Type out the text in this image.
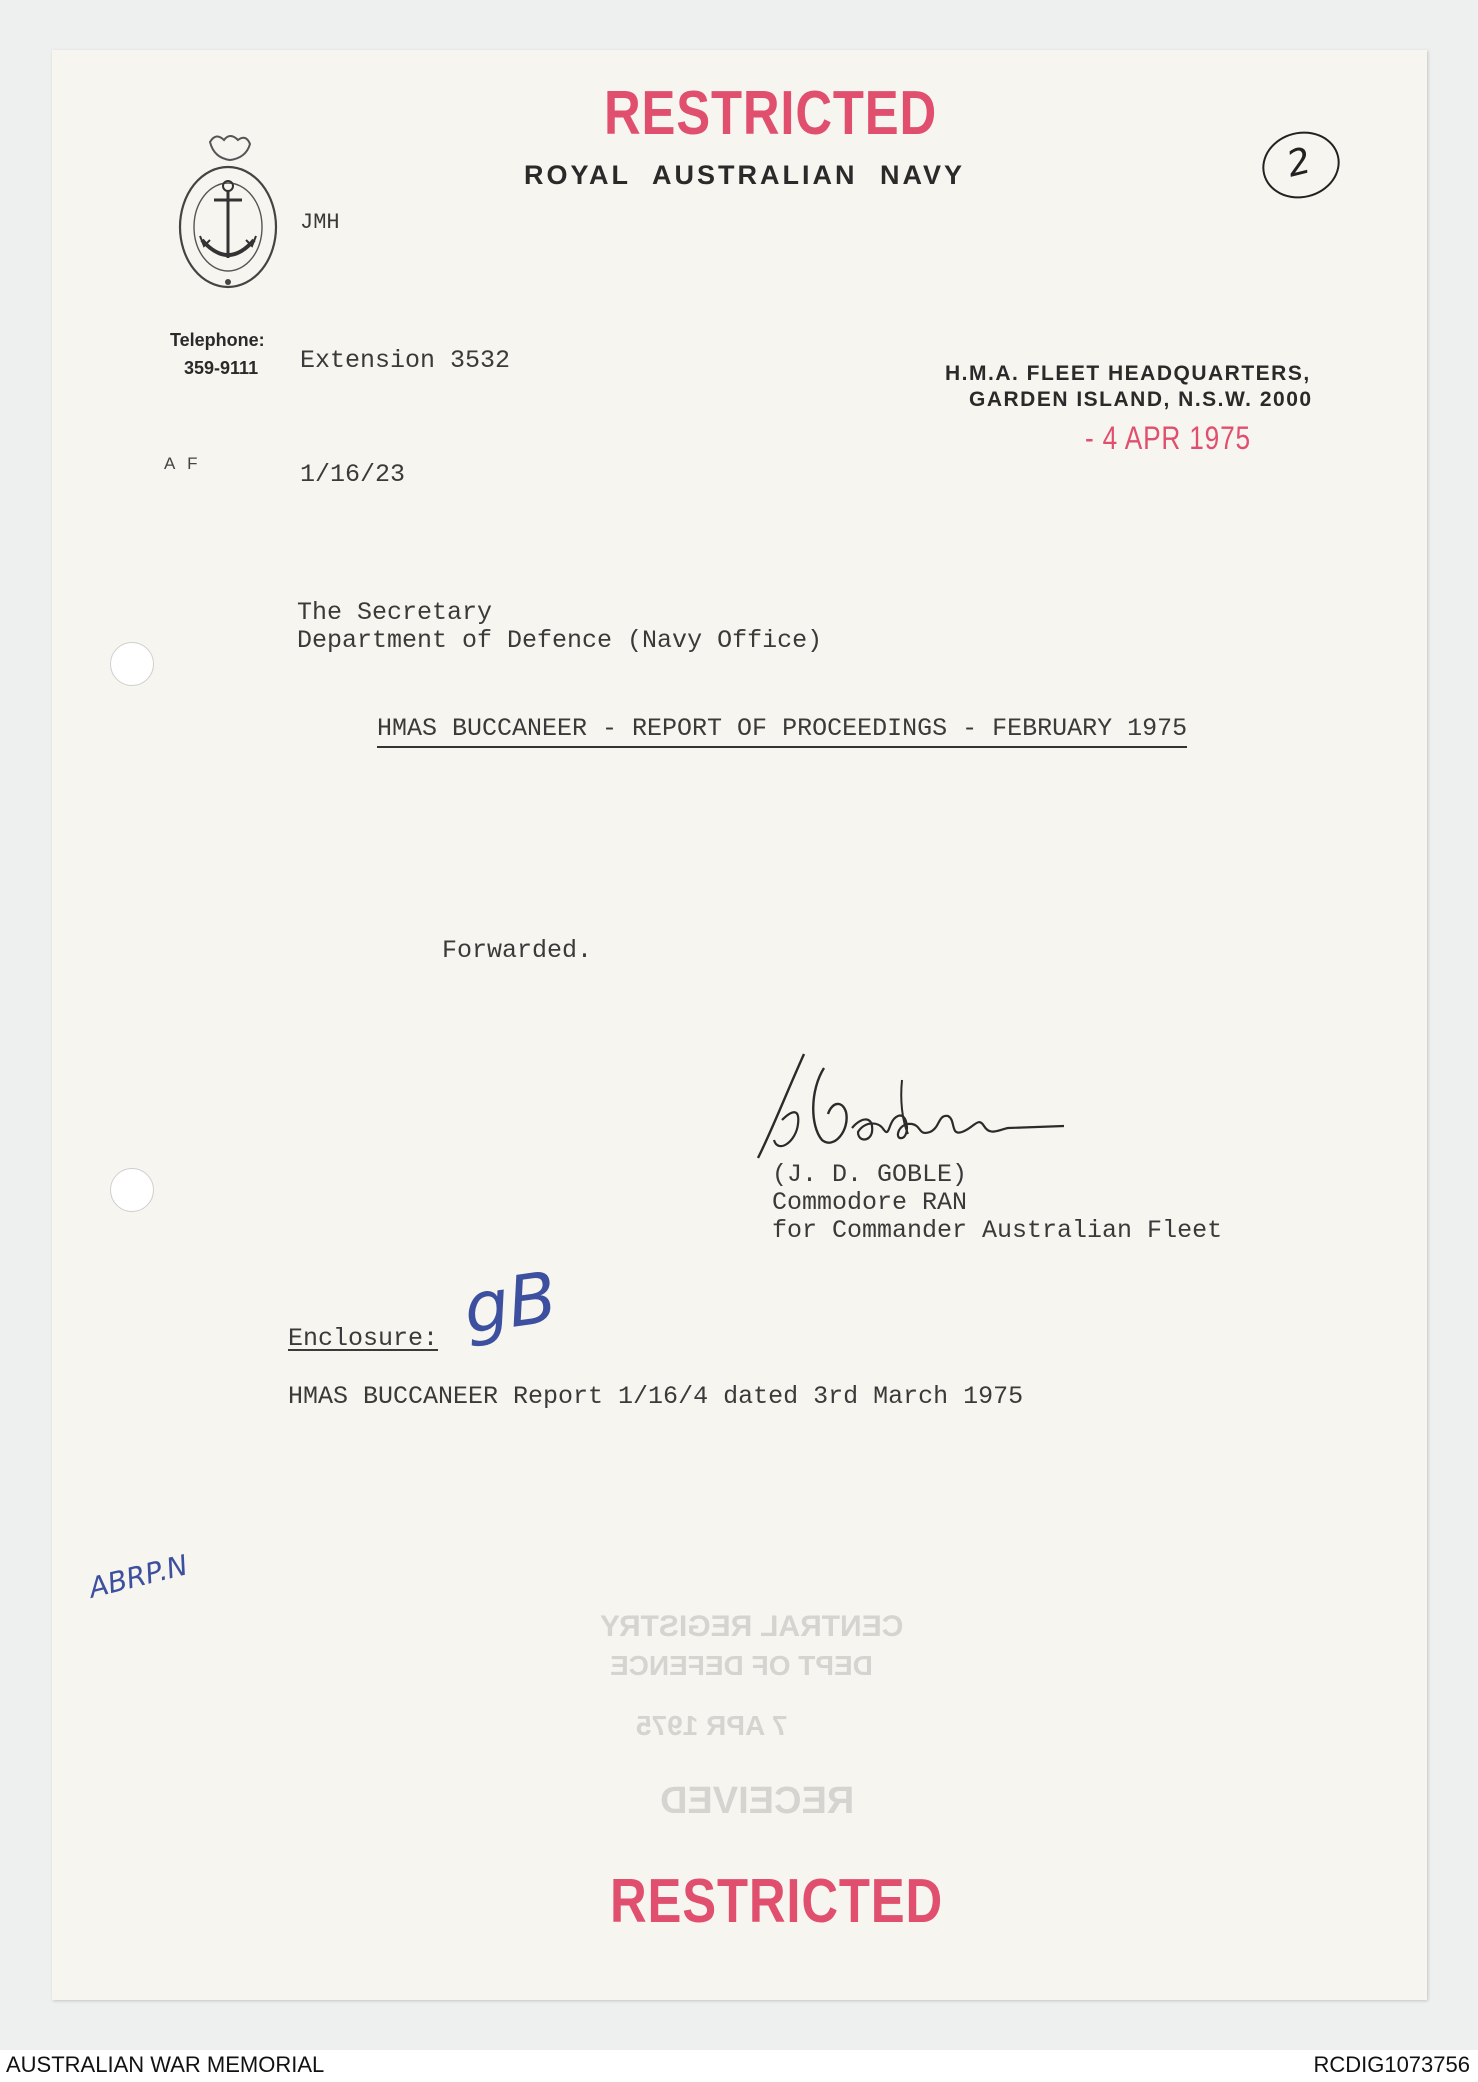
RESTRICTED
ROYAL AUSTRALIAN NAVY
JMH
Telephone:
359-9111 Extension 3532	H.M.A. FLEET HEADQUARTERS,
GARDEN ISLAND, N.S.W. 2000
- 4 APR 1975
2
A F	1/16/23
The Secretary
Department of Defence (Navy Office)
HMAS BUCCANEER - REPORT OF PROCEEDINGS - FEBRUARY 1975
Forwarded.
(J. D. GOBLE)
Commodore RAN
for Commander Australian Fleet
Enclosure: gB
HMAS BUCCANEER Report 1/16/4 dated 3rd March 1975
ABRP.N
CENTRAL REGISTRY
DEPT OF DEFENCE
7 APR 1975
RECEIVED
RESTRICTED
AUSTRALIAN WAR MEMORIAL	RCDIG1073756
